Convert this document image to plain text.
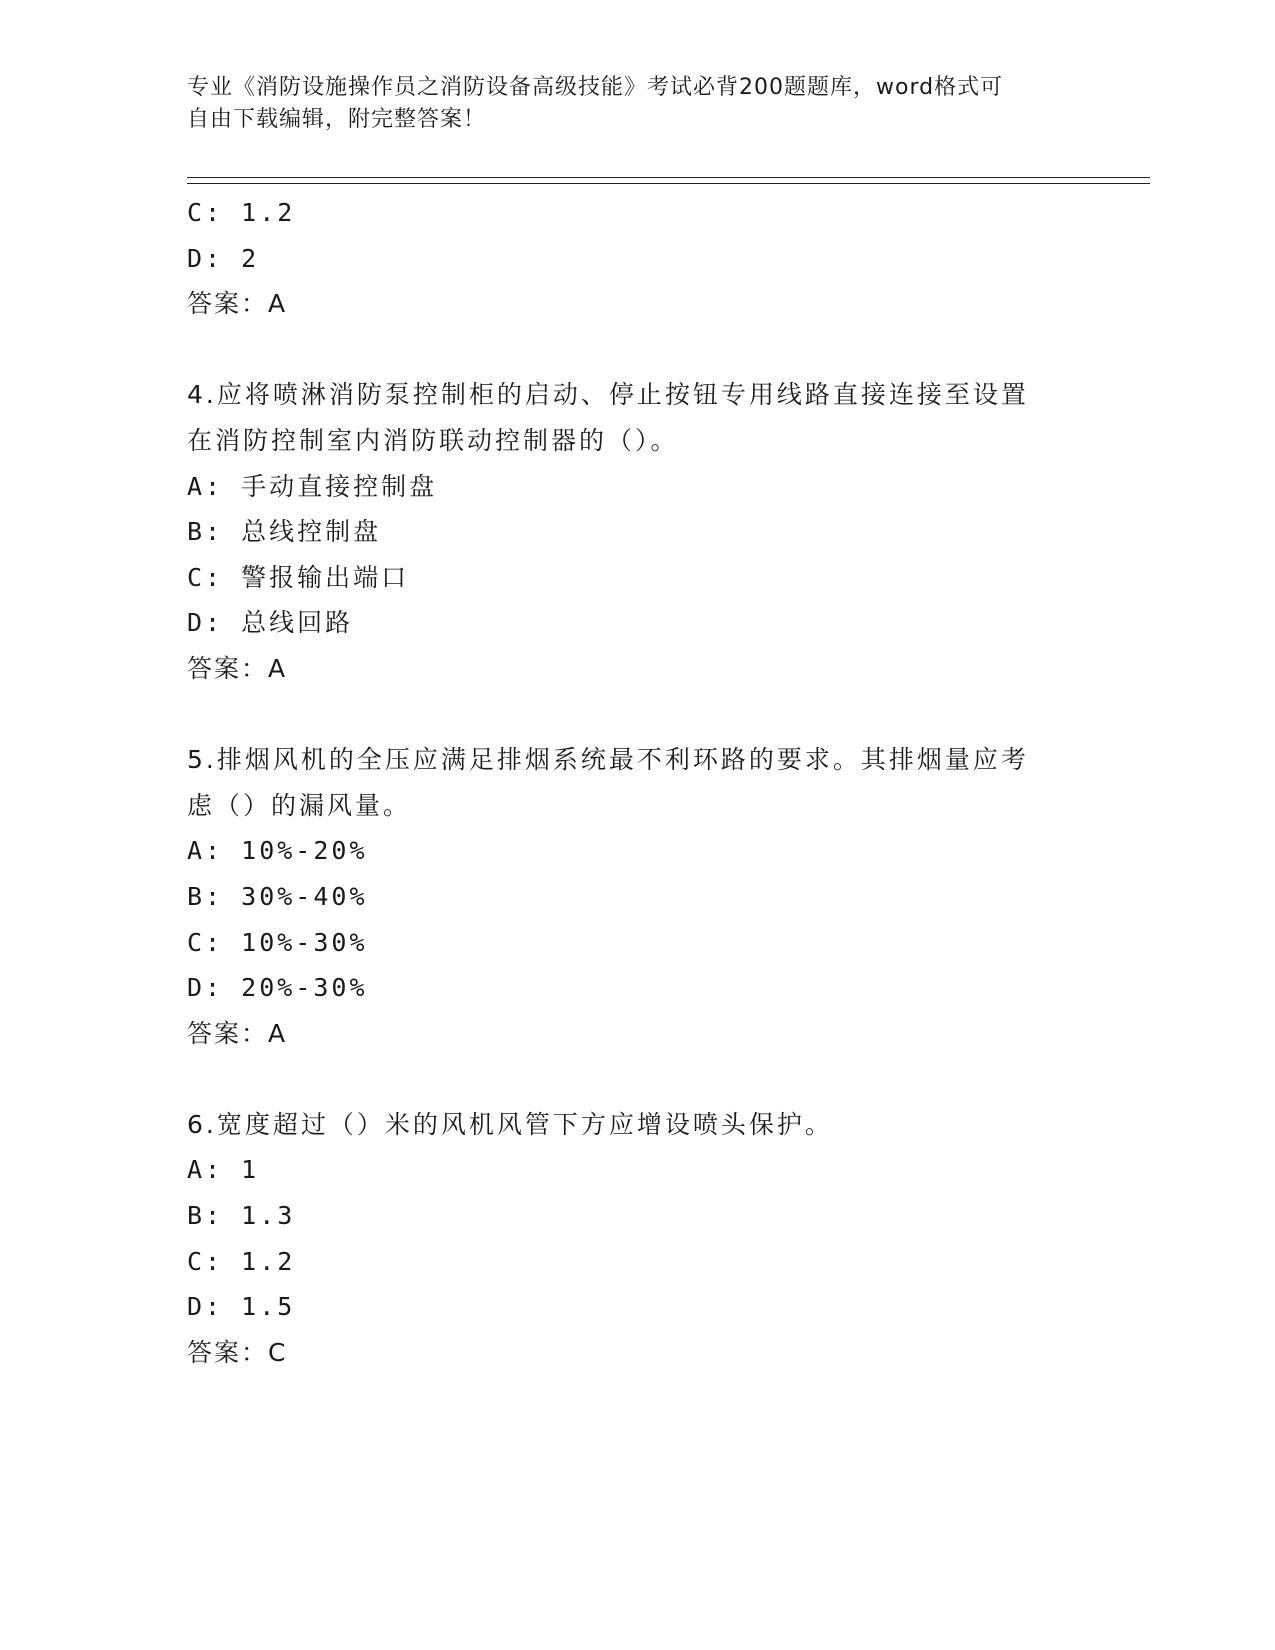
专业《消防设施操作员之消防设备高级技能》考试必背200题题库，word格式可
自由下载编辑，附完整答案！
C: 1.2
D: 2
答案：A
4.应将喷淋消防泵控制柜的启动、停止按钮专用线路直接连接至设置
在消防控制室内消防联动控制器的（）。
A: 手动直接控制盘
B: 总线控制盘
C: 警报输出端口
D: 总线回路
答案：A
5.排烟风机的全压应满足排烟系统最不利环路的要求。其排烟量应考
虑（）的漏风量。
A: 10%-20%
B: 30%-40%
C: 10%-30%
D: 20%-30%
答案：A
6.宽度超过（）米的风机风管下方应增设喷头保护。
A: 1
B: 1.3
C: 1.2
D: 1.5
答案：C
